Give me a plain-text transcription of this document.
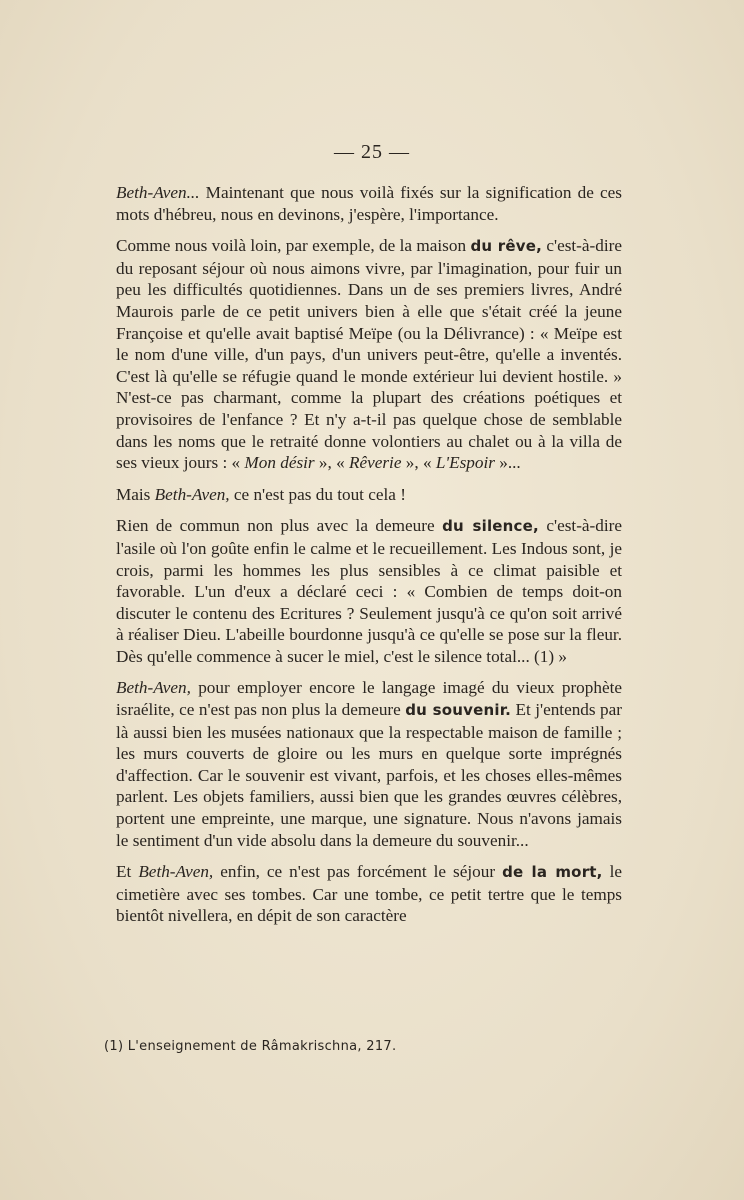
— 25 —

Beth-Aven... Maintenant que nous voilà fixés sur la signification de ces mots d'hébreu, nous en devinons, j'espère, l'importance.

Comme nous voilà loin, par exemple, de la maison du rêve, c'est-à-dire du reposant séjour où nous aimons vivre, par l'imagination, pour fuir un peu les difficultés quotidiennes. Dans un de ses premiers livres, André Maurois parle de ce petit univers bien à elle que s'était créé la jeune Françoise et qu'elle avait baptisé Meïpe (ou la Délivrance) : « Meïpe est le nom d'une ville, d'un pays, d'un univers peut-être, qu'elle a inventés. C'est là qu'elle se réfugie quand le monde extérieur lui devient hostile. » N'est-ce pas charmant, comme la plupart des créations poétiques et provisoires de l'enfance ? Et n'y a-t-il pas quelque chose de semblable dans les noms que le retraité donne volontiers au chalet ou à la villa de ses vieux jours : « Mon désir », « Rêverie », « L'Espoir »...

Mais Beth-Aven, ce n'est pas du tout cela !

Rien de commun non plus avec la demeure du silence, c'est-à-dire l'asile où l'on goûte enfin le calme et le recueillement. Les Indous sont, je crois, parmi les hommes les plus sensibles à ce climat paisible et favorable. L'un d'eux a déclaré ceci : « Combien de temps doit-on discuter le contenu des Ecritures ? Seulement jusqu'à ce qu'on soit arrivé à réaliser Dieu. L'abeille bourdonne jusqu'à ce qu'elle se pose sur la fleur. Dès qu'elle commence à sucer le miel, c'est le silence total... (1) »

Beth-Aven, pour employer encore le langage imagé du vieux prophète israélite, ce n'est pas non plus la demeure du souvenir. Et j'entends par là aussi bien les musées nationaux que la respectable maison de famille ; les murs couverts de gloire ou les murs en quelque sorte imprégnés d'affection. Car le souvenir est vivant, parfois, et les choses elles-mêmes parlent. Les objets familiers, aussi bien que les grandes œuvres célèbres, portent une empreinte, une marque, une signature. Nous n'avons jamais le sentiment d'un vide absolu dans la demeure du souvenir...

Et Beth-Aven, enfin, ce n'est pas forcément le séjour de la mort, le cimetière avec ses tombes. Car une tombe, ce petit tertre que le temps bientôt nivellera, en dépit de son caractère

(1) L'enseignement de Râmakrischna, 217.
